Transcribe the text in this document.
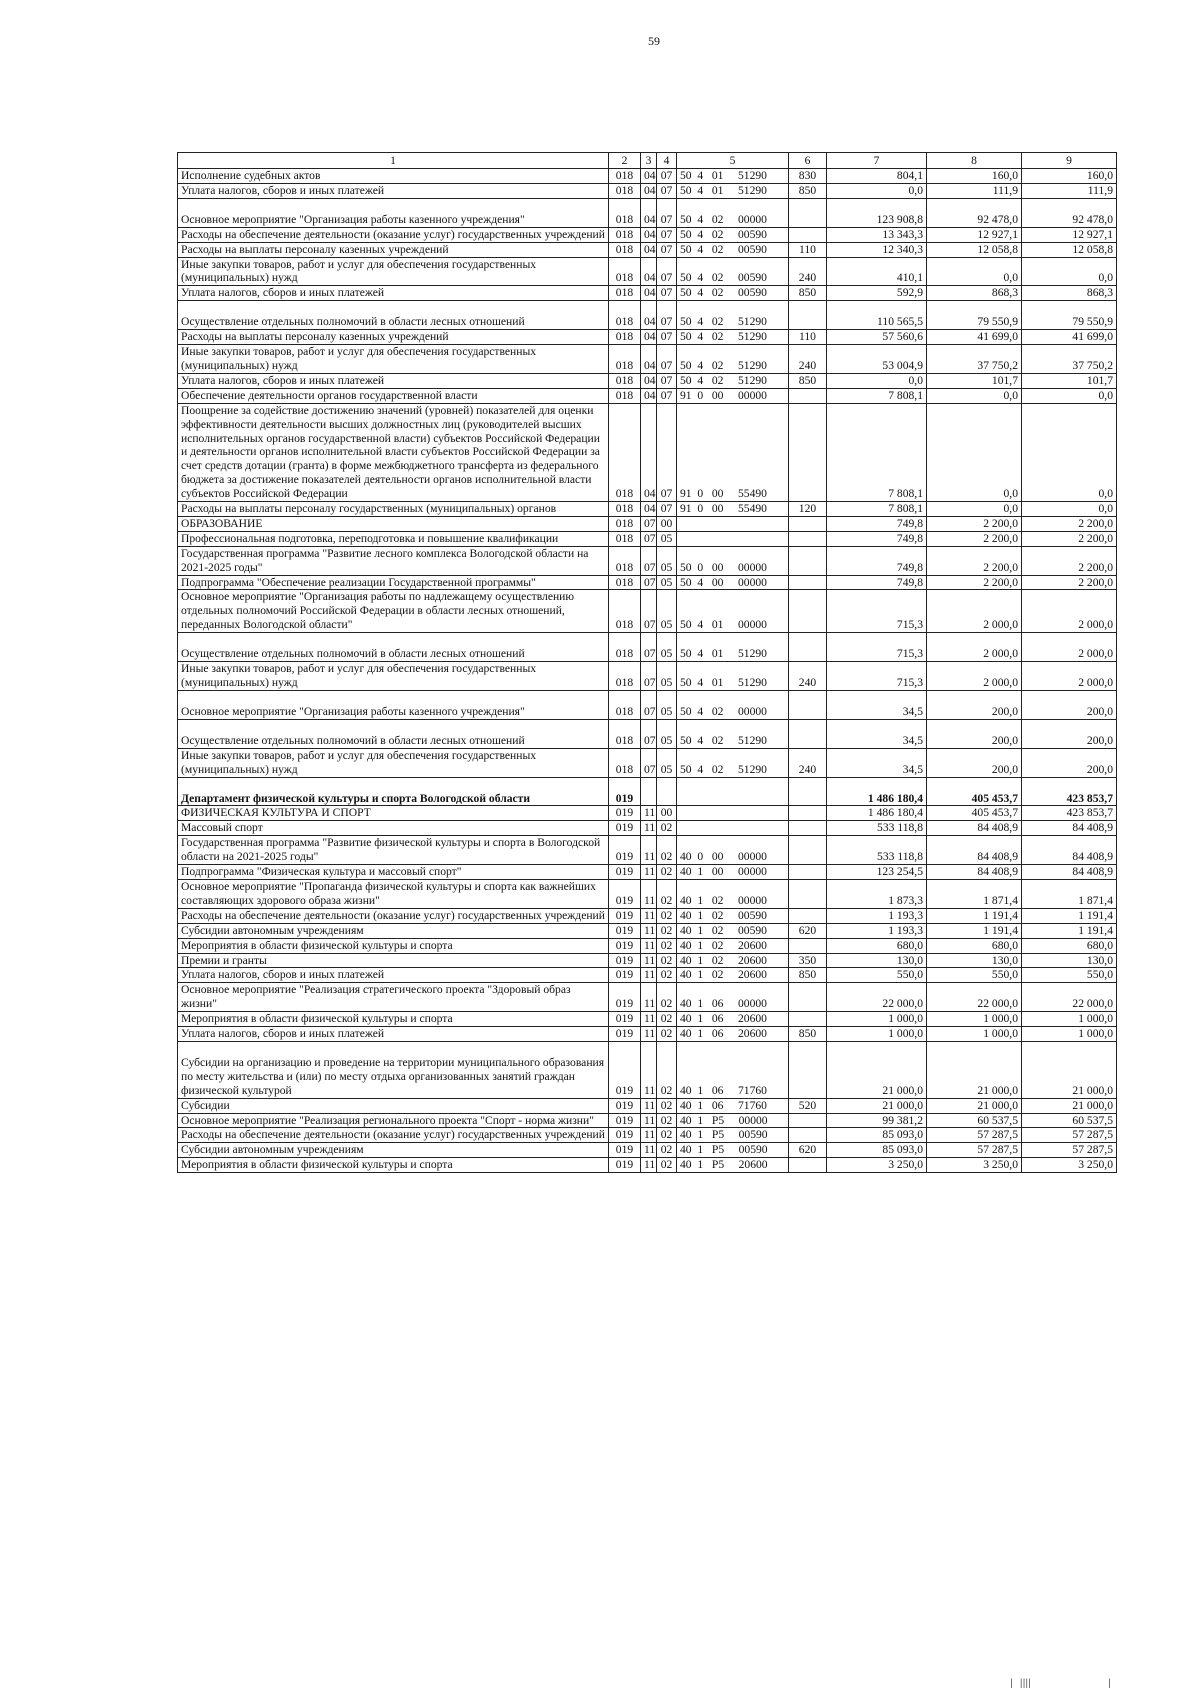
59
1	2	3	4	5	6	7	8	9
Исполнение судебных актов	018	04	07	50  4   01     51290	830	804,1	160,0	160,0
Уплата налогов, сборов и иных платежей	018	04	07	50  4   01     51290	850	0,0	111,9	111,9
Основное мероприятие "Организация работы казенного учреждения"	018	04	07	50  4   02     00000		123 908,8	92 478,0	92 478,0
Расходы на обеспечение деятельности (оказание услуг) государственных учреждений	018	04	07	50  4   02     00590		13 343,3	12 927,1	12 927,1
Расходы на выплаты персоналу казенных учреждений	018	04	07	50  4   02     00590	110	12 340,3	12 058,8	12 058,8
Иные закупки товаров, работ и услуг для обеспечения государственных (муниципальных) нужд	018	04	07	50  4   02     00590	240	410,1	0,0	0,0
Уплата налогов, сборов и иных платежей	018	04	07	50  4   02     00590	850	592,9	868,3	868,3
Осуществление отдельных полномочий в области лесных отношений	018	04	07	50  4   02     51290		110 565,5	79 550,9	79 550,9
Расходы на выплаты персоналу казенных учреждений	018	04	07	50  4   02     51290	110	57 560,6	41 699,0	41 699,0
Иные закупки товаров, работ и услуг для обеспечения государственных (муниципальных) нужд	018	04	07	50  4   02     51290	240	53 004,9	37 750,2	37 750,2
Уплата налогов, сборов и иных платежей	018	04	07	50  4   02     51290	850	0,0	101,7	101,7
Обеспечение деятельности органов государственной власти	018	04	07	91  0   00     00000		7 808,1	0,0	0,0
Поощрение за содействие достижению значений (уровней) показателей для оценки эффективности деятельности высших должностных лиц (руководителей высших исполнительных органов государственной власти) субъектов Российской Федерации и деятельности органов исполнительной власти субъектов Российской Федерации за счет средств дотации (гранта) в форме межбюджетного трансферта из федерального бюджета за достижение показателей деятельности органов исполнительной власти субъектов Российской Федерации	018	04	07	91  0   00     55490		7 808,1	0,0	0,0
Расходы на выплаты персоналу государственных (муниципальных) органов	018	04	07	91  0   00     55490	120	7 808,1	0,0	0,0
ОБРАЗОВАНИЕ	018	07	00			749,8	2 200,0	2 200,0
Профессиональная подготовка, переподготовка и повышение квалификации	018	07	05			749,8	2 200,0	2 200,0
Государственная программа "Развитие лесного комплекса Вологодской области на 2021-2025 годы"	018	07	05	50  0   00     00000		749,8	2 200,0	2 200,0
Подпрограмма "Обеспечение реализации Государственной программы"	018	07	05	50  4   00     00000		749,8	2 200,0	2 200,0
Основное мероприятие "Организация работы по надлежащему осуществлению отдельных полномочий Российской Федерации в области лесных отношений, переданных Вологодской области"	018	07	05	50  4   01     00000		715,3	2 000,0	2 000,0
Осуществление отдельных полномочий в области лесных отношений	018	07	05	50  4   01     51290		715,3	2 000,0	2 000,0
Иные закупки товаров, работ и услуг для обеспечения государственных (муниципальных) нужд	018	07	05	50  4   01     51290	240	715,3	2 000,0	2 000,0
Основное мероприятие "Организация работы казенного учреждения"	018	07	05	50  4   02     00000		34,5	200,0	200,0
Осуществление отдельных полномочий в области лесных отношений	018	07	05	50  4   02     51290		34,5	200,0	200,0
Иные закупки товаров, работ и услуг для обеспечения государственных (муниципальных) нужд	018	07	05	50  4   02     51290	240	34,5	200,0	200,0
Департамент физической культуры и спорта Вологодской области	019					1 486 180,4	405 453,7	423 853,7
ФИЗИЧЕСКАЯ КУЛЬТУРА И СПОРТ	019	11	00			1 486 180,4	405 453,7	423 853,7
Массовый спорт	019	11	02			533 118,8	84 408,9	84 408,9
Государственная программа "Развитие физической культуры и спорта в Вологодской области на 2021-2025 годы"	019	11	02	40  0   00     00000		533 118,8	84 408,9	84 408,9
Подпрограмма "Физическая культура и массовый спорт"	019	11	02	40  1   00     00000		123 254,5	84 408,9	84 408,9
Основное мероприятие "Пропаганда физической культуры и спорта как важнейших составляющих здорового образа жизни"	019	11	02	40  1   02     00000		1 873,3	1 871,4	1 871,4
Расходы на обеспечение деятельности (оказание услуг) государственных учреждений	019	11	02	40  1   02     00590		1 193,3	1 191,4	1 191,4
Субсидии автономным учреждениям	019	11	02	40  1   02     00590	620	1 193,3	1 191,4	1 191,4
Мероприятия в области физической культуры и спорта	019	11	02	40  1   02     20600		680,0	680,0	680,0
Премии и гранты	019	11	02	40  1   02     20600	350	130,0	130,0	130,0
Уплата налогов, сборов и иных платежей	019	11	02	40  1   02     20600	850	550,0	550,0	550,0
Основное мероприятие "Реализация стратегического проекта "Здоровый образ жизни"	019	11	02	40  1   06     00000		22 000,0	22 000,0	22 000,0
Мероприятия в области физической культуры и спорта	019	11	02	40  1   06     20600		1 000,0	1 000,0	1 000,0
Уплата налогов, сборов и иных платежей	019	11	02	40  1   06     20600	850	1 000,0	1 000,0	1 000,0
Субсидии на организацию и проведение на территории муниципального образования по месту жительства и (или) по месту отдыха организованных занятий граждан физической культурой	019	11	02	40  1   06     71760		21 000,0	21 000,0	21 000,0
Субсидии	019	11	02	40  1   06     71760	520	21 000,0	21 000,0	21 000,0
Основное мероприятие "Реализация регионального проекта "Спорт - норма жизни"	019	11	02	40  1   P5     00000		99 381,2	60 537,5	60 537,5
Расходы на обеспечение деятельности (оказание услуг) государственных учреждений	019	11	02	40  1   P5     00590		85 093,0	57 287,5	57 287,5
Субсидии автономным учреждениям	019	11	02	40  1   P5     00590	620	85 093,0	57 287,5	57 287,5
Мероприятия в области физической культуры и спорта	019	11	02	40  1   P5     20600		3 250,0	3 250,0	3 250,0
ǀ  ǀǀǀǀ	ǀ
